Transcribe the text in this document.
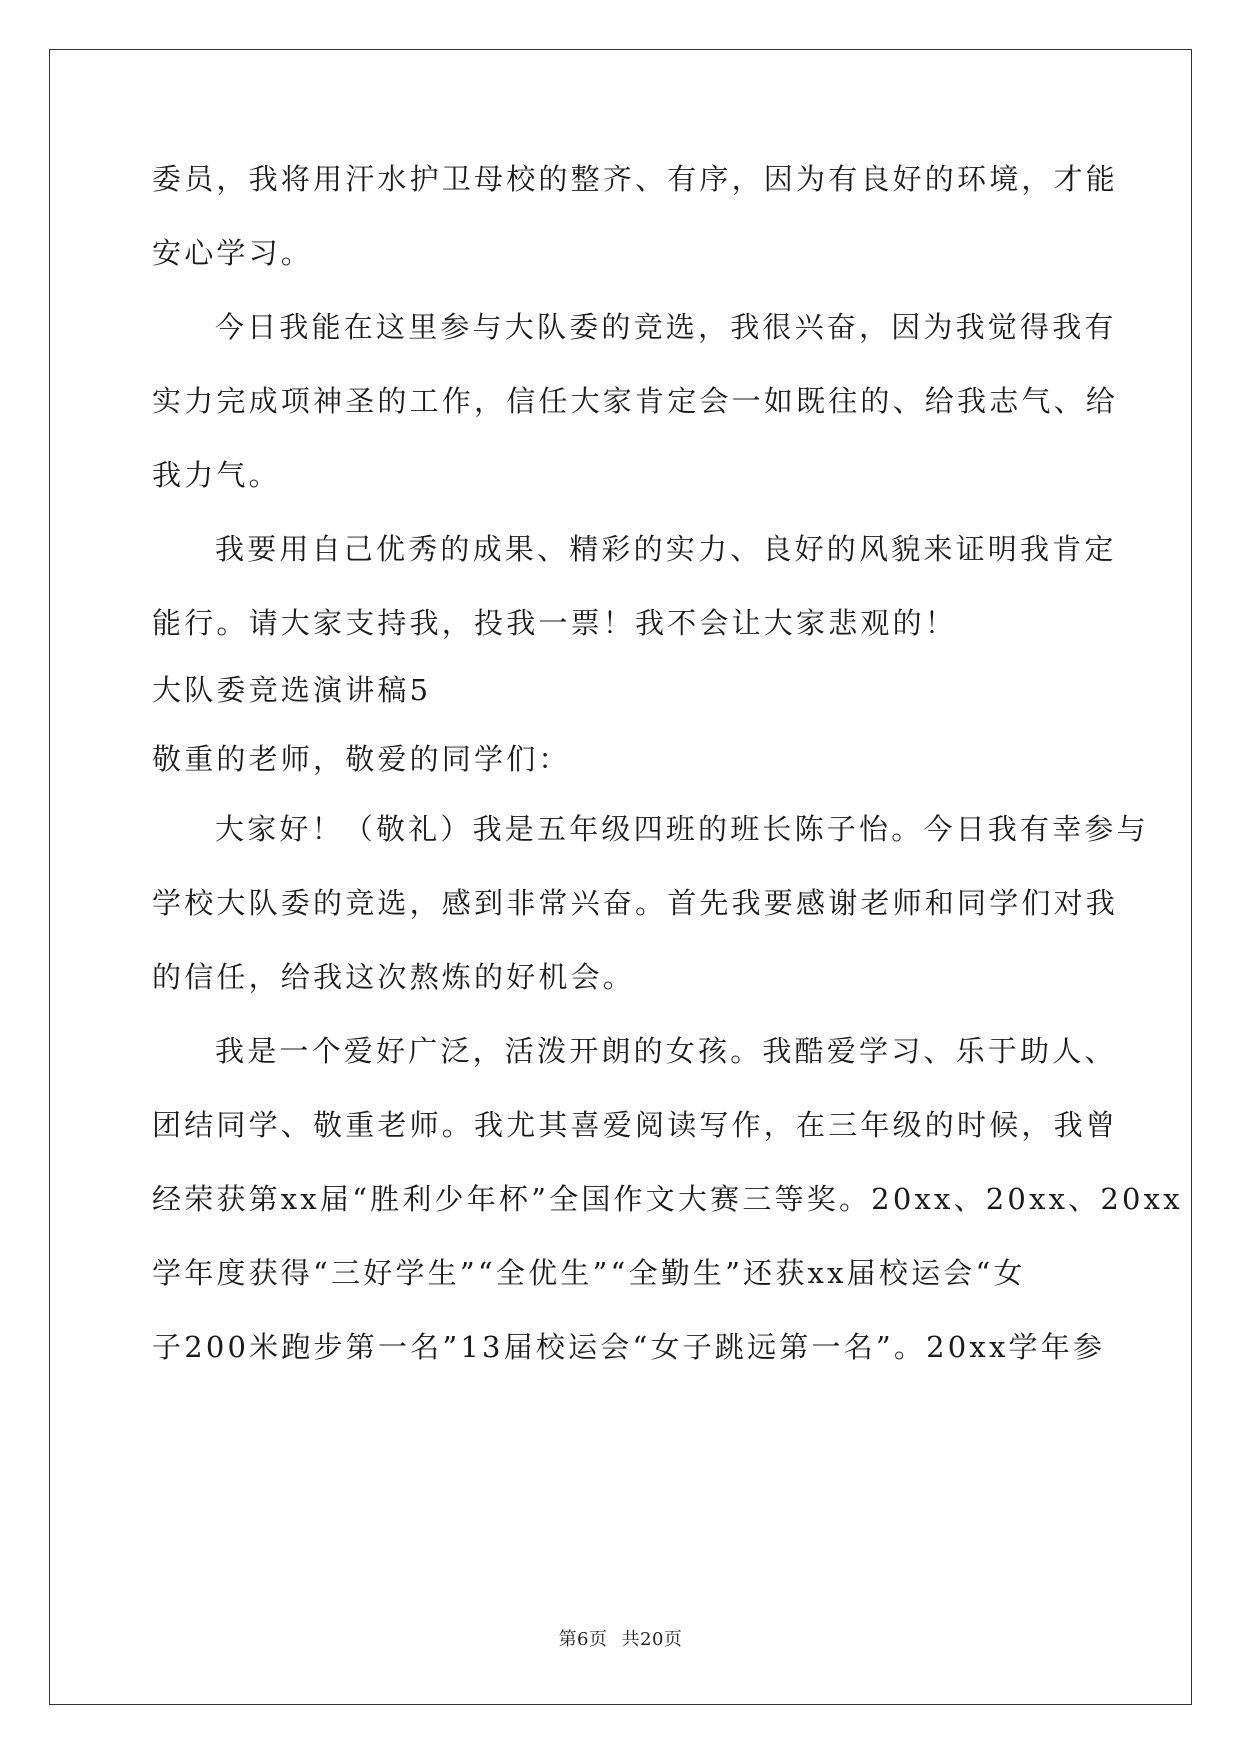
委员，我将用汗水护卫母校的整齐、有序，因为有良好的环境，才能
安心学习。
今日我能在这里参与大队委的竞选，我很兴奋，因为我觉得我有
实力完成项神圣的工作，信任大家肯定会一如既往的、给我志气、给
我力气。
我要用自己优秀的成果、精彩的实力、良好的风貌来证明我肯定
能行。请大家支持我，投我一票！我不会让大家悲观的！
大队委竞选演讲稿5
敬重的老师，敬爱的同学们：
大家好！（敬礼）我是五年级四班的班长陈子怡。今日我有幸参与
学校大队委的竞选，感到非常兴奋。首先我要感谢老师和同学们对我
的信任，给我这次熬炼的好机会。
我是一个爱好广泛，活泼开朗的女孩。我酷爱学习、乐于助人、
团结同学、敬重老师。我尤其喜爱阅读写作，在三年级的时候，我曾
经荣获第xx届“胜利少年杯”全国作文大赛三等奖。20xx、20xx、20xx
学年度获得“三好学生”“全优生”“全勤生”还获xx届校运会“女
子200米跑步第一名”13届校运会“女子跳远第一名”。20xx学年参
第6页 共20页
